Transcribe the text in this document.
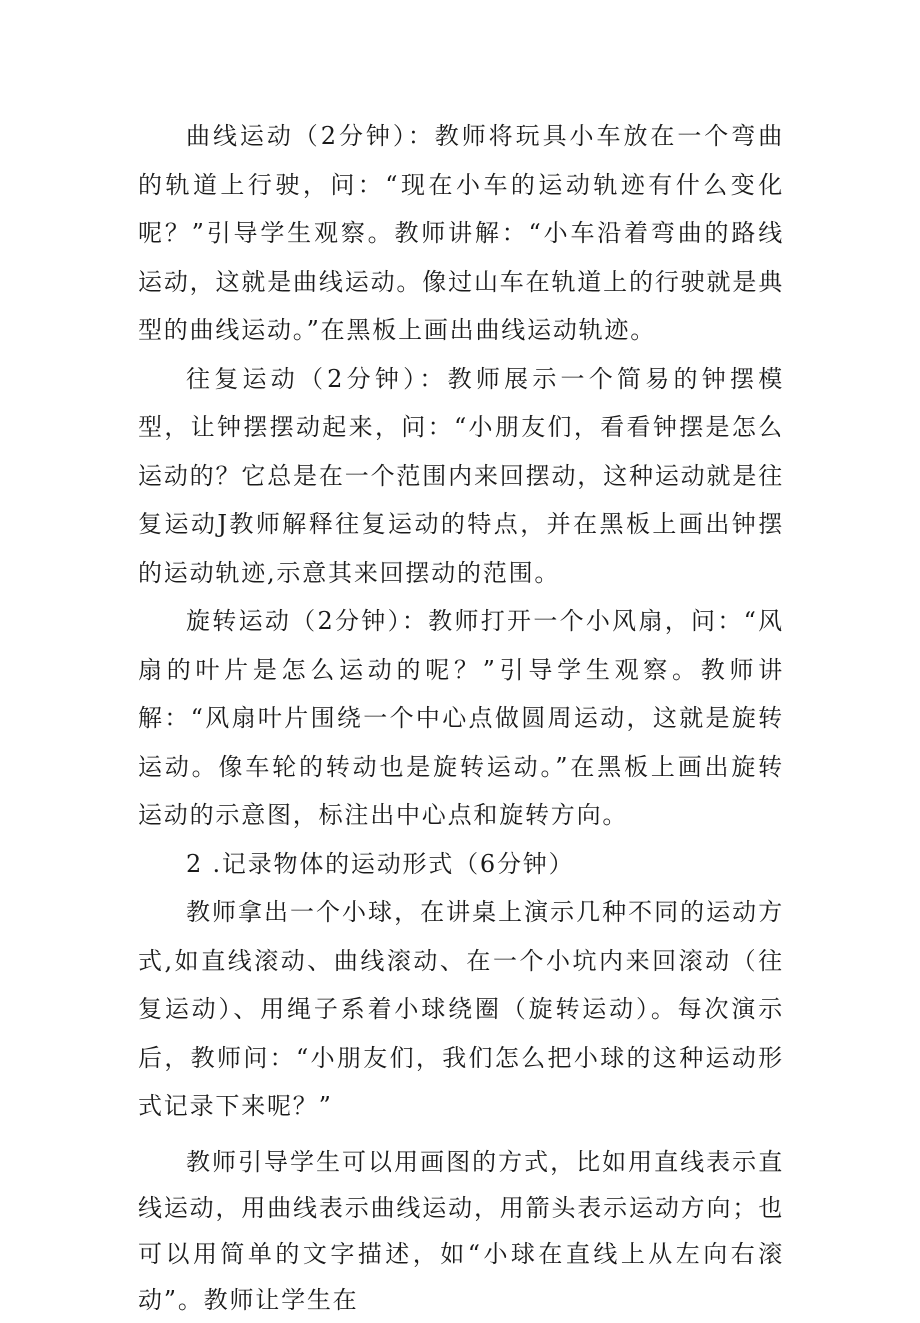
曲线运动（2分钟）：教师将玩具小车放在一个弯曲的轨道上行驶，问：“现在小车的运动轨迹有什么变化呢？”引导学生观察。教师讲解：“小车沿着弯曲的路线运动，这就是曲线运动。像过山车在轨道上的行驶就是典型的曲线运动。”在黑板上画出曲线运动轨迹。

往复运动（2分钟）：教师展示一个简易的钟摆模型，让钟摆摆动起来，问：“小朋友们，看看钟摆是怎么运动的？它总是在一个范围内来回摆动，这种运动就是往复运动J教师解释往复运动的特点，并在黑板上画出钟摆的运动轨迹,示意其来回摆动的范围。

旋转运动（2分钟）：教师打开一个小风扇，问：“风扇的叶片是怎么运动的呢？”引导学生观察。教师讲解：“风扇叶片围绕一个中心点做圆周运动，这就是旋转运动。像车轮的转动也是旋转运动。”在黑板上画出旋转运动的示意图，标注出中心点和旋转方向。

2 .记录物体的运动形式（6分钟）

教师拿出一个小球，在讲桌上演示几种不同的运动方式,如直线滚动、曲线滚动、在一个小坑内来回滚动（往复运动）、用绳子系着小球绕圈（旋转运动）。每次演示后，教师问：“小朋友们，我们怎么把小球的这种运动形式记录下来呢？”

教师引导学生可以用画图的方式，比如用直线表示直线运动，用曲线表示曲线运动，用箭头表示运动方向；也可以用简单的文字描述，如“小球在直线上从左向右滚动”。教师让学生在
